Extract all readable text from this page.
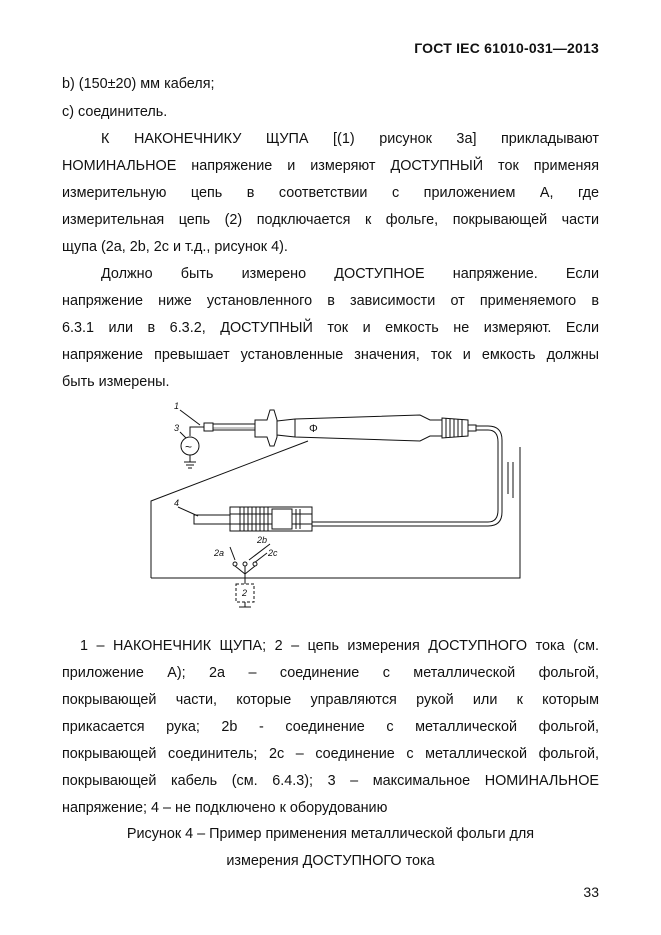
ГОСТ IEC 61010-031—2013
b) (150±20) мм кабеля;
c) соединитель.
К НАКОНЕЧНИКУ ЩУПА [(1) рисунок 3a] прикладывают
НОМИНАЛЬНОЕ напряжение и измеряют ДОСТУПНЫЙ ток применяя
измерительную цепь в соответствии с приложением А, где
измерительная цепь (2) подключается к фольге, покрывающей части
щупа (2a, 2b, 2c и т.д., рисунок 4).
Должно быть измерено ДОСТУПНОЕ напряжение. Если
напряжение ниже установленного в зависимости от применяемого в
6.3.1 или в 6.3.2, ДОСТУПНЫЙ ток и емкость не измеряют. Если
напряжение превышает установленные значения, ток и емкость должны
быть измерены.
1
3
4
2a
2b
2c
2
Φ
~
1 – НАКОНЕЧНИК ЩУПА; 2 – цепь измерения ДОСТУПНОГО тока (см.
приложение А); 2a – соединение с металлической фольгой,
покрывающей части, которые управляются рукой или к которым
прикасается рука; 2b - соединение с металлической фольгой,
покрывающей соединитель; 2c – соединение с металлической фольгой,
покрывающей кабель (см. 6.4.3); 3 – максимальное НОМИНАЛЬНОЕ
напряжение; 4 – не подключено к оборудованию
Рисунок 4 – Пример применения металлической фольги для
измерения ДОСТУПНОГО тока
33
